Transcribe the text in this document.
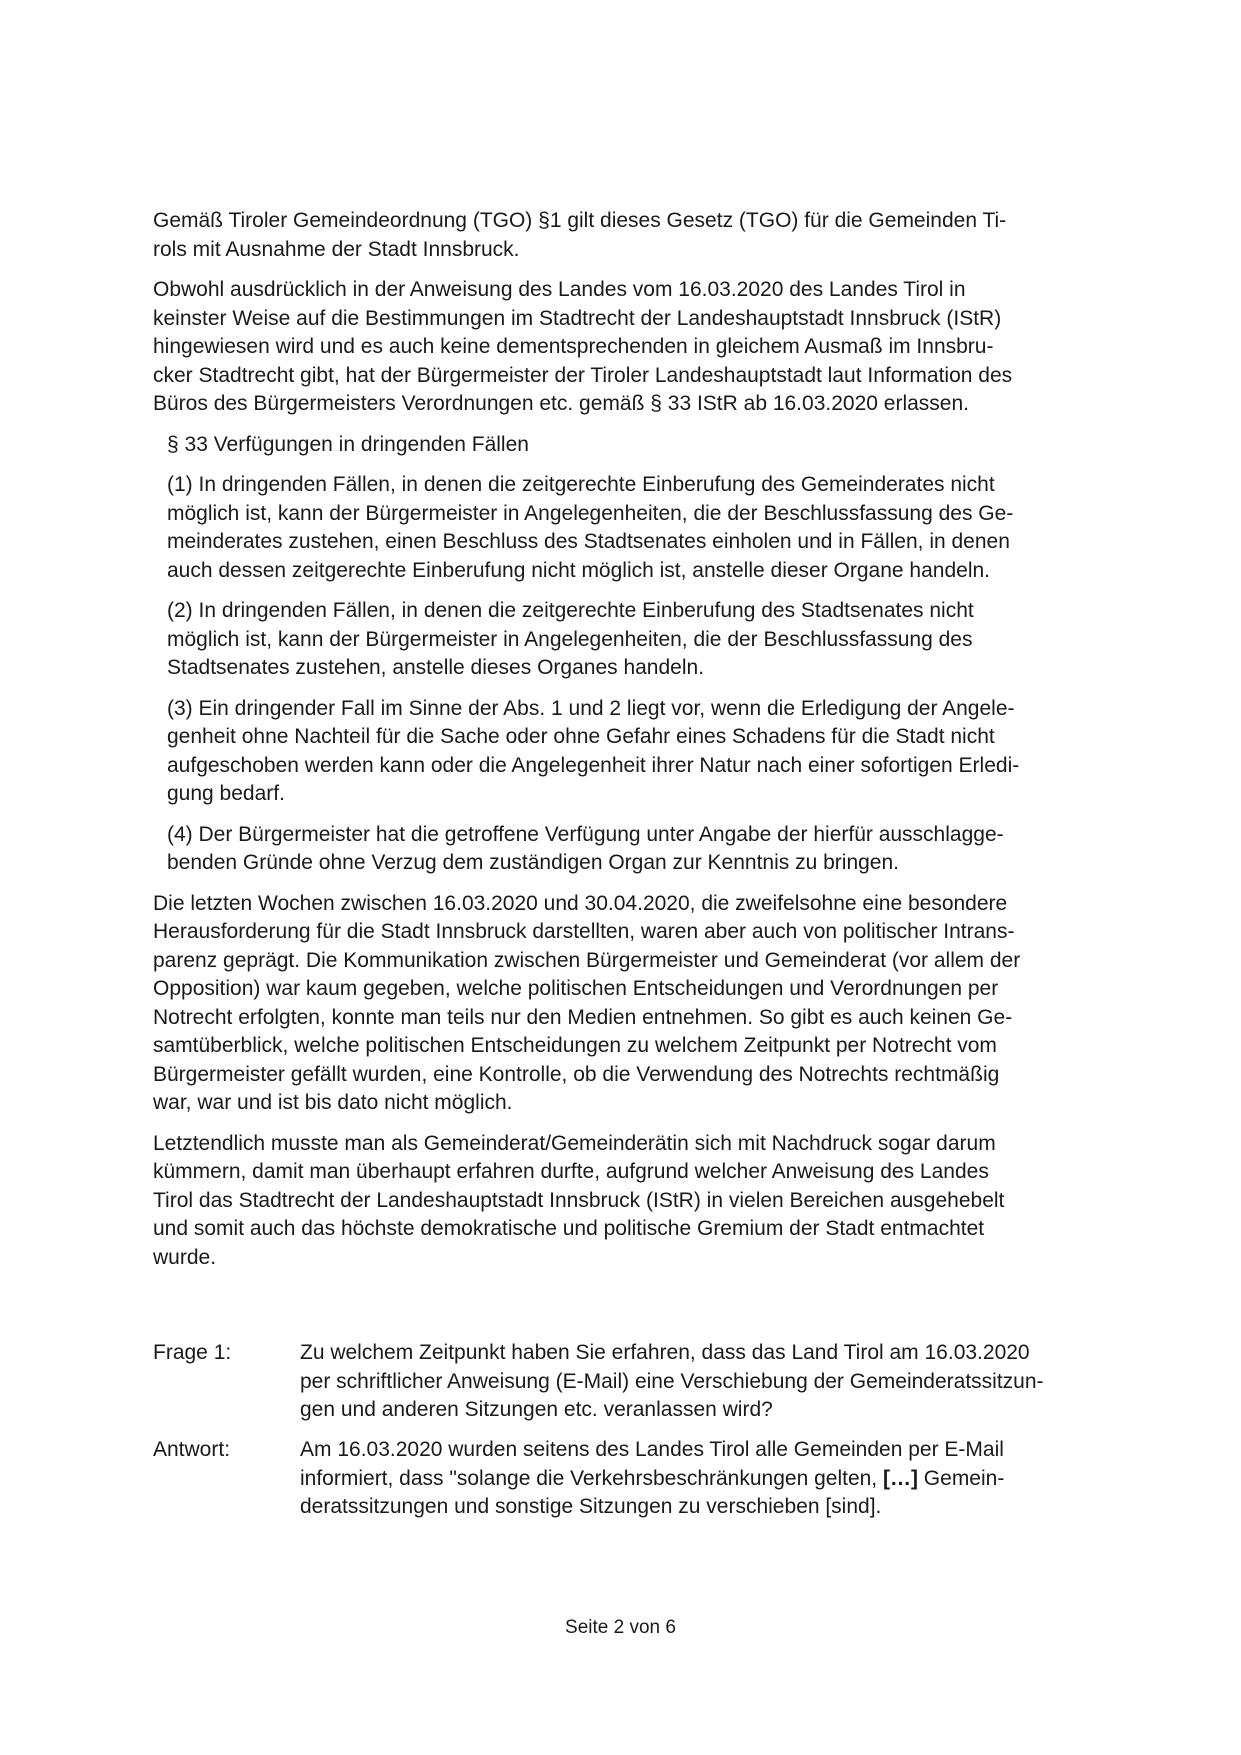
Gemäß Tiroler Gemeindeordnung (TGO) §1 gilt dieses Gesetz (TGO) für die Gemeinden Ti-
rols mit Ausnahme der Stadt Innsbruck.

Obwohl ausdrücklich in der Anweisung des Landes vom 16.03.2020 des Landes Tirol in
keinster Weise auf die Bestimmungen im Stadtrecht der Landeshauptstadt Innsbruck (IStR)
hingewiesen wird und es auch keine dementsprechenden in gleichem Ausmaß im Innsbru-
cker Stadtrecht gibt, hat der Bürgermeister der Tiroler Landeshauptstadt laut Information des
Büros des Bürgermeisters Verordnungen etc. gemäß § 33 IStR ab 16.03.2020 erlassen.

§ 33 Verfügungen in dringenden Fällen

(1) In dringenden Fällen, in denen die zeitgerechte Einberufung des Gemeinderates nicht
möglich ist, kann der Bürgermeister in Angelegenheiten, die der Beschlussfassung des Ge-
meinderates zustehen, einen Beschluss des Stadtsenates einholen und in Fällen, in denen
auch dessen zeitgerechte Einberufung nicht möglich ist, anstelle dieser Organe handeln.

(2) In dringenden Fällen, in denen die zeitgerechte Einberufung des Stadtsenates nicht
möglich ist, kann der Bürgermeister in Angelegenheiten, die der Beschlussfassung des
Stadtsenates zustehen, anstelle dieses Organes handeln.

(3) Ein dringender Fall im Sinne der Abs. 1 und 2 liegt vor, wenn die Erledigung der Angele-
genheit ohne Nachteil für die Sache oder ohne Gefahr eines Schadens für die Stadt nicht
aufgeschoben werden kann oder die Angelegenheit ihrer Natur nach einer sofortigen Erledi-
gung bedarf.

(4) Der Bürgermeister hat die getroffene Verfügung unter Angabe der hierfür ausschlagge-
benden Gründe ohne Verzug dem zuständigen Organ zur Kenntnis zu bringen.

Die letzten Wochen zwischen 16.03.2020 und 30.04.2020, die zweifelsohne eine besondere
Herausforderung für die Stadt Innsbruck darstellten, waren aber auch von politischer Intrans-
parenz geprägt. Die Kommunikation zwischen Bürgermeister und Gemeinderat (vor allem der
Opposition) war kaum gegeben, welche politischen Entscheidungen und Verordnungen per
Notrecht erfolgten, konnte man teils nur den Medien entnehmen. So gibt es auch keinen Ge-
samtüberblick, welche politischen Entscheidungen zu welchem Zeitpunkt per Notrecht vom
Bürgermeister gefällt wurden, eine Kontrolle, ob die Verwendung des Notrechts rechtmäßig
war, war und ist bis dato nicht möglich.

Letztendlich musste man als Gemeinderat/Gemeinderätin sich mit Nachdruck sogar darum
kümmern, damit man überhaupt erfahren durfte, aufgrund welcher Anweisung des Landes
Tirol das Stadtrecht der Landeshauptstadt Innsbruck (IStR) in vielen Bereichen ausgehebelt
und somit auch das höchste demokratische und politische Gremium der Stadt entmachtet
wurde.

Frage 1:	Zu welchem Zeitpunkt haben Sie erfahren, dass das Land Tirol am 16.03.2020
per schriftlicher Anweisung (E-Mail) eine Verschiebung der Gemeinderatssitzun-
gen und anderen Sitzungen etc. veranlassen wird?
Antwort:	Am 16.03.2020 wurden seitens des Landes Tirol alle Gemeinden per E-Mail
informiert, dass "solange die Verkehrsbeschränkungen gelten, […] Gemein-
deratssitzungen und sonstige Sitzungen zu verschieben [sind].
Seite 2 von 6
